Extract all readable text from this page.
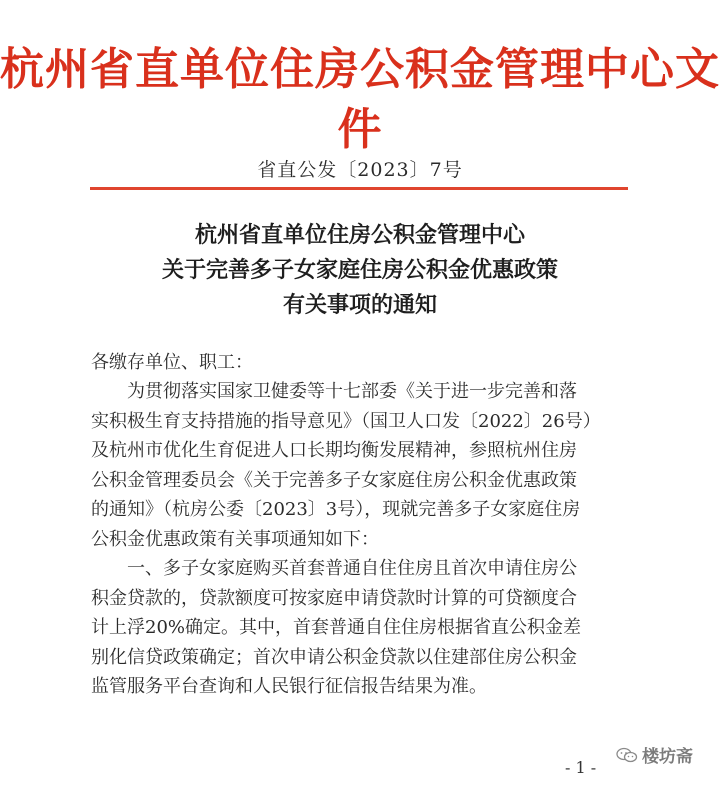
杭州省直单位住房公积金管理中心文件
省直公发〔2023〕7号
杭州省直单位住房公积金管理中心
关于完善多子女家庭住房公积金优惠政策
有关事项的通知
各缴存单位、职工：
　　为贯彻落实国家卫健委等十七部委《关于进一步完善和落
实积极生育支持措施的指导意见》（国卫人口发〔2022〕26号）
及杭州市优化生育促进人口长期均衡发展精神，参照杭州住房
公积金管理委员会《关于完善多子女家庭住房公积金优惠政策
的通知》（杭房公委〔2023〕3号），现就完善多子女家庭住房
公积金优惠政策有关事项通知如下：
　　一、多子女家庭购买首套普通自住住房且首次申请住房公
积金贷款的，贷款额度可按家庭申请贷款时计算的可贷额度合
计上浮20%确定。其中，首套普通自住住房根据省直公积金差
别化信贷政策确定；首次申请公积金贷款以住建部住房公积金
监管服务平台查询和人民银行征信报告结果为准。
- 1 -
楼坊斋
